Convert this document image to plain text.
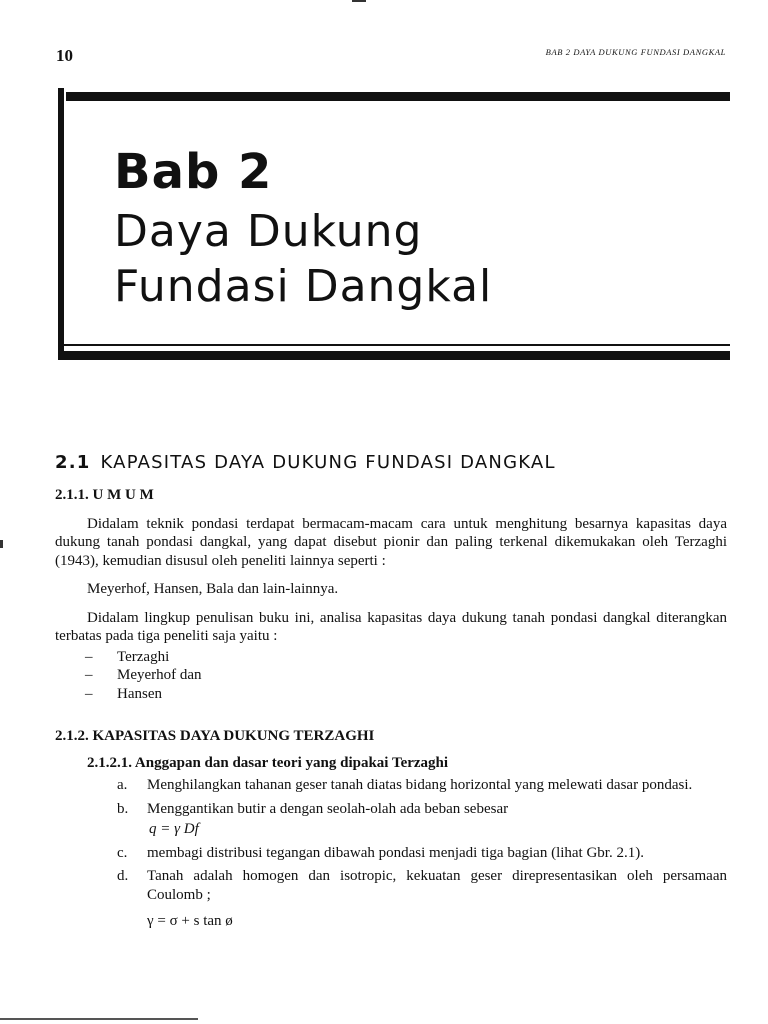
10	BAB 2 DAYA DUKUNG FUNDASI DANGKAL
Bab 2
Daya Dukung
Fundasi Dangkal
2.1 KAPASITAS DAYA DUKUNG FUNDASI DANGKAL
2.1.1. U M U M

Didalam teknik pondasi terdapat bermacam-macam cara untuk menghitung besarnya kapasitas daya dukung tanah pondasi dangkal, yang dapat disebut pionir dan paling terkenal dikemukakan oleh Terzaghi (1943), kemudian disusul oleh peneliti lainnya seperti :

Meyerhof, Hansen, Bala dan lain-lainnya.

Didalam lingkup penulisan buku ini, analisa kapasitas daya dukung tanah pondasi dangkal diterangkan terbatas pada tiga peneliti saja yaitu :

–	Terzaghi
–	Meyerhof dan
–	Hansen
2.1.2. KAPASITAS DAYA DUKUNG TERZAGHI
2.1.2.1. Anggapan dan dasar teori yang dipakai Terzaghi
a.	Menghilangkan tahanan geser tanah diatas bidang horizontal yang melewati dasar pondasi.
b.	Menggantikan butir a dengan seolah-olah ada beban sebesar
q = γ Df
c.	membagi distribusi tegangan dibawah pondasi menjadi tiga bagian (lihat Gbr. 2.1).
d.	Tanah adalah homogen dan isotropic, kekuatan geser direpresentasikan oleh persamaan Coulomb ;
γ = σ + s tan ø
